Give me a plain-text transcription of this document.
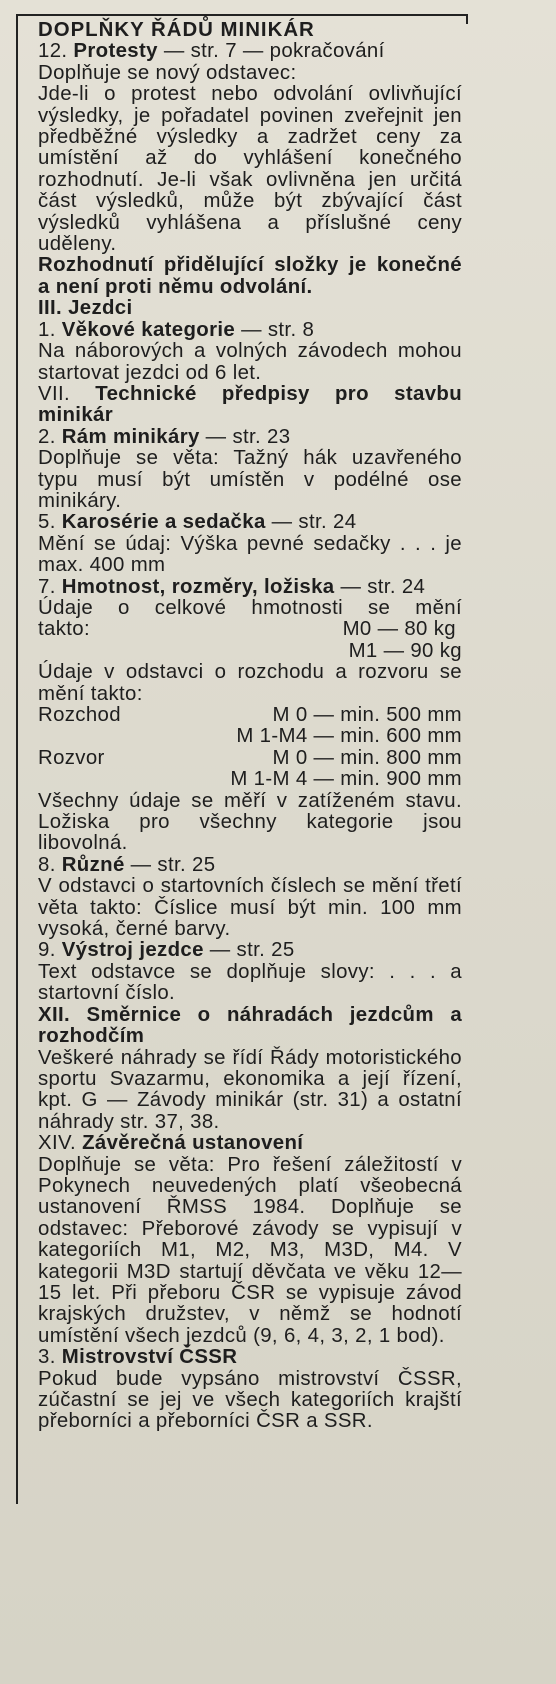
DOPLŇKY ŘÁDŮ MINIKÁR

12. Protesty — str. 7 — pokračování

Doplňuje se nový odstavec:

Jde-li o protest nebo odvolání ovlivňující výsledky, je pořadatel povinen zveřejnit jen předběžné výsledky a zadržet ceny za umístění až do vyhlášení konečného rozhodnutí. Je-li však ovlivněna jen určitá část výsledků, může být zbývající část výsledků vyhlášena a příslušné ceny uděleny.

Rozhodnutí přidělující složky je konečné a není proti němu odvolání.

III. Jezdci

1. Věkové kategorie — str. 8

Na náborových a volných závodech mohou startovat jezdci od 6 let.

VII. Technické předpisy pro stavbu minikár

2. Rám minikáry — str. 23

Doplňuje se věta: Tažný hák uzavřeného typu musí být umístěn v podélné ose minikáry.

5. Karosérie a sedačka — str. 24

Mění se údaj: Výška pevné sedačky . . . je max. 400 mm

7. Hmotnost, rozměry, ložiska — str. 24

Údaje o celkové hmotnosti se mění

takto:	M0 — 80 kg

M1 — 90 kg

Údaje v odstavci o rozchodu a rozvoru se mění takto:

Rozchod	M 0 — min. 500 mm

M 1-M4 — min. 600 mm

Rozvor	M 0 — min. 800 mm

M 1-M 4 — min. 900 mm

Všechny údaje se měří v zatíženém stavu. Ložiska pro všechny kategorie jsou libovolná.

8. Různé — str. 25

V odstavci o startovních číslech se mění třetí věta takto: Číslice musí být min. 100 mm vysoká, černé barvy.

9. Výstroj jezdce — str. 25

Text odstavce se doplňuje slovy: . . . a startovní číslo.

XII. Směrnice o náhradách jezdcům a rozhodčím

Veškeré náhrady se řídí Řády motoristického sportu Svazarmu, ekonomika a její řízení, kpt. G — Závody minikár (str. 31) a ostatní náhrady str. 37, 38.

XIV. Závěrečná ustanovení

Doplňuje se věta: Pro řešení záležitostí v Pokynech neuvedených platí všeobecná ustanovení ŘMSS 1984. Doplňuje se odstavec: Přeborové závody se vypisují v kategoriích M1, M2, M3, M3D, M4. V kategorii M3D startují děvčata ve věku 12—15 let. Při přeboru ČSR se vypisuje závod krajských družstev, v němž se hodnotí umístění všech jezdců (9, 6, 4, 3, 2, 1 bod).

3. Mistrovství ČSSR

Pokud bude vypsáno mistrovství ČSSR, zúčastní se jej ve všech kategoriích krajští přeborníci a přeborníci ČSR a SSR.
